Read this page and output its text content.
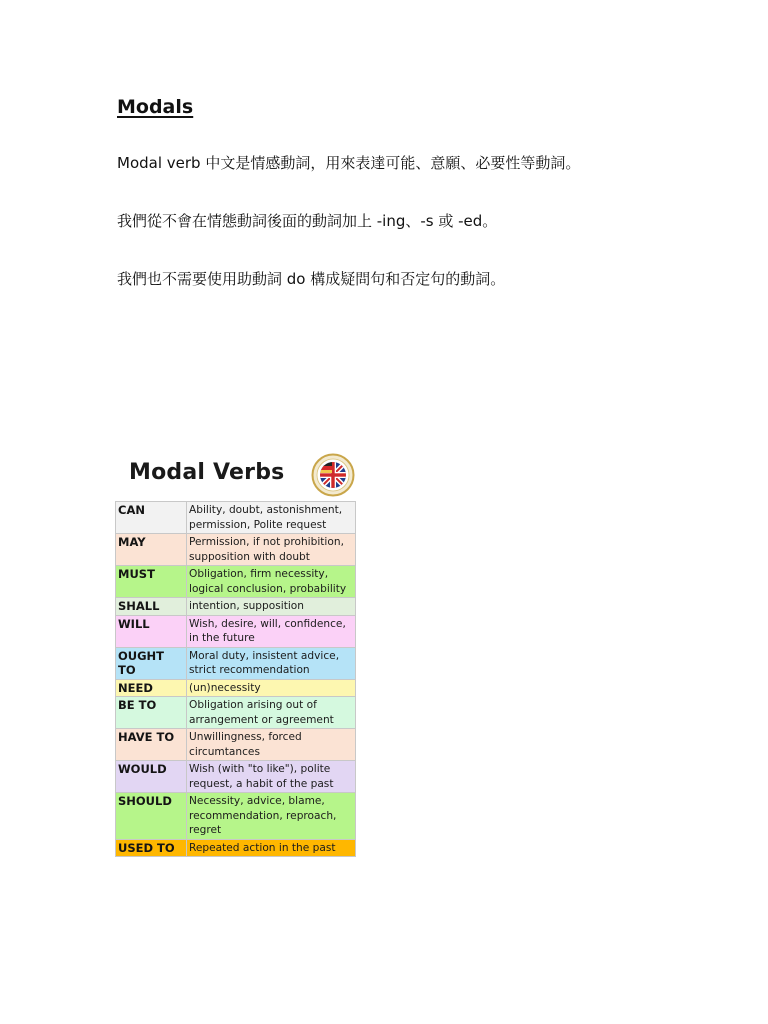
Modals

Modal verb 中文是情感動詞，用來表達可能、意願、必要性等動詞。

我們從不會在情態動詞後面的動詞加上 -ing、-s 或 -ed。

我們也不需要使用助動詞 do 構成疑問句和否定句的動詞。

Modal Verbs
CAN	Ability, doubt, astonishment, permission, Polite request
MAY	Permission, if not prohibition, supposition with doubt
MUST	Obligation, firm necessity, logical conclusion, probability
SHALL	intention, supposition
WILL	Wish, desire, will, confidence, in the future
OUGHT TO	Moral duty, insistent advice, strict recommendation
NEED	(un)necessity
BE TO	Obligation arising out of arrangement or agreement
HAVE TO	Unwillingness, forced circumtances
WOULD	Wish (with "to like"), polite request, a habit of the past
SHOULD	Necessity, advice, blame, recommendation, reproach, regret
USED TO	Repeated action in the past
